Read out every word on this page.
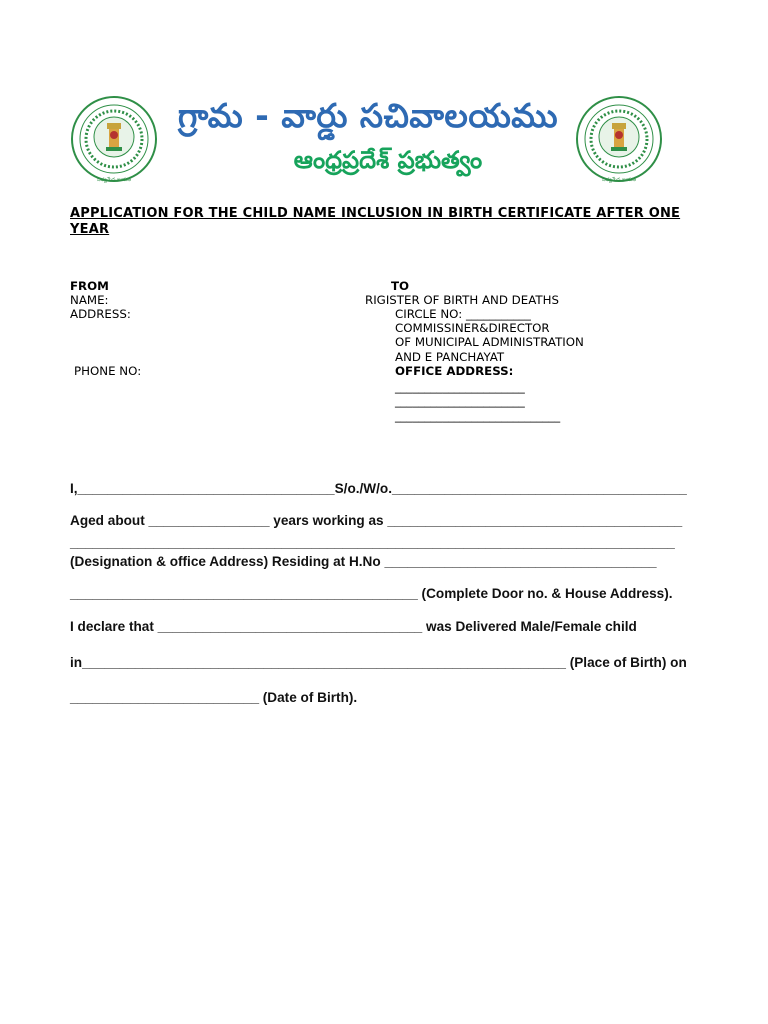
సత్యమేవ జయతే	సత్యమేవ జయతే
గ్రామ - వార్డు సచివాలయము
ఆంధ్రప్రదేశ్ ప్రభుత్వం
APPLICATION FOR THE CHILD NAME INCLUSION IN BIRTH CERTIFICATE AFTER ONE YEAR
FROM
NAME:
ADDRESS:
PHONE NO:
TO
RIGISTER OF BIRTH AND DEATHS
CIRCLE NO: ___________
COMMISSINER&DIRECTOR
OF MUNICIPAL ADMINISTRATION
AND E PANCHAYAT
OFFICE ADDRESS:
______________________
______________________
____________________________
I,__________________________________S/o./W/o._______________________________________
Aged about ________________ years working as _______________________________________
________________________________________________________________________________
(Designation & office Address) Residing at H.No ____________________________________
______________________________________________ (Complete Door no. & House Address).
I declare that ___________________________________ was Delivered Male/Female child
in________________________________________________________________ (Place of Birth) on
_________________________ (Date of Birth).
